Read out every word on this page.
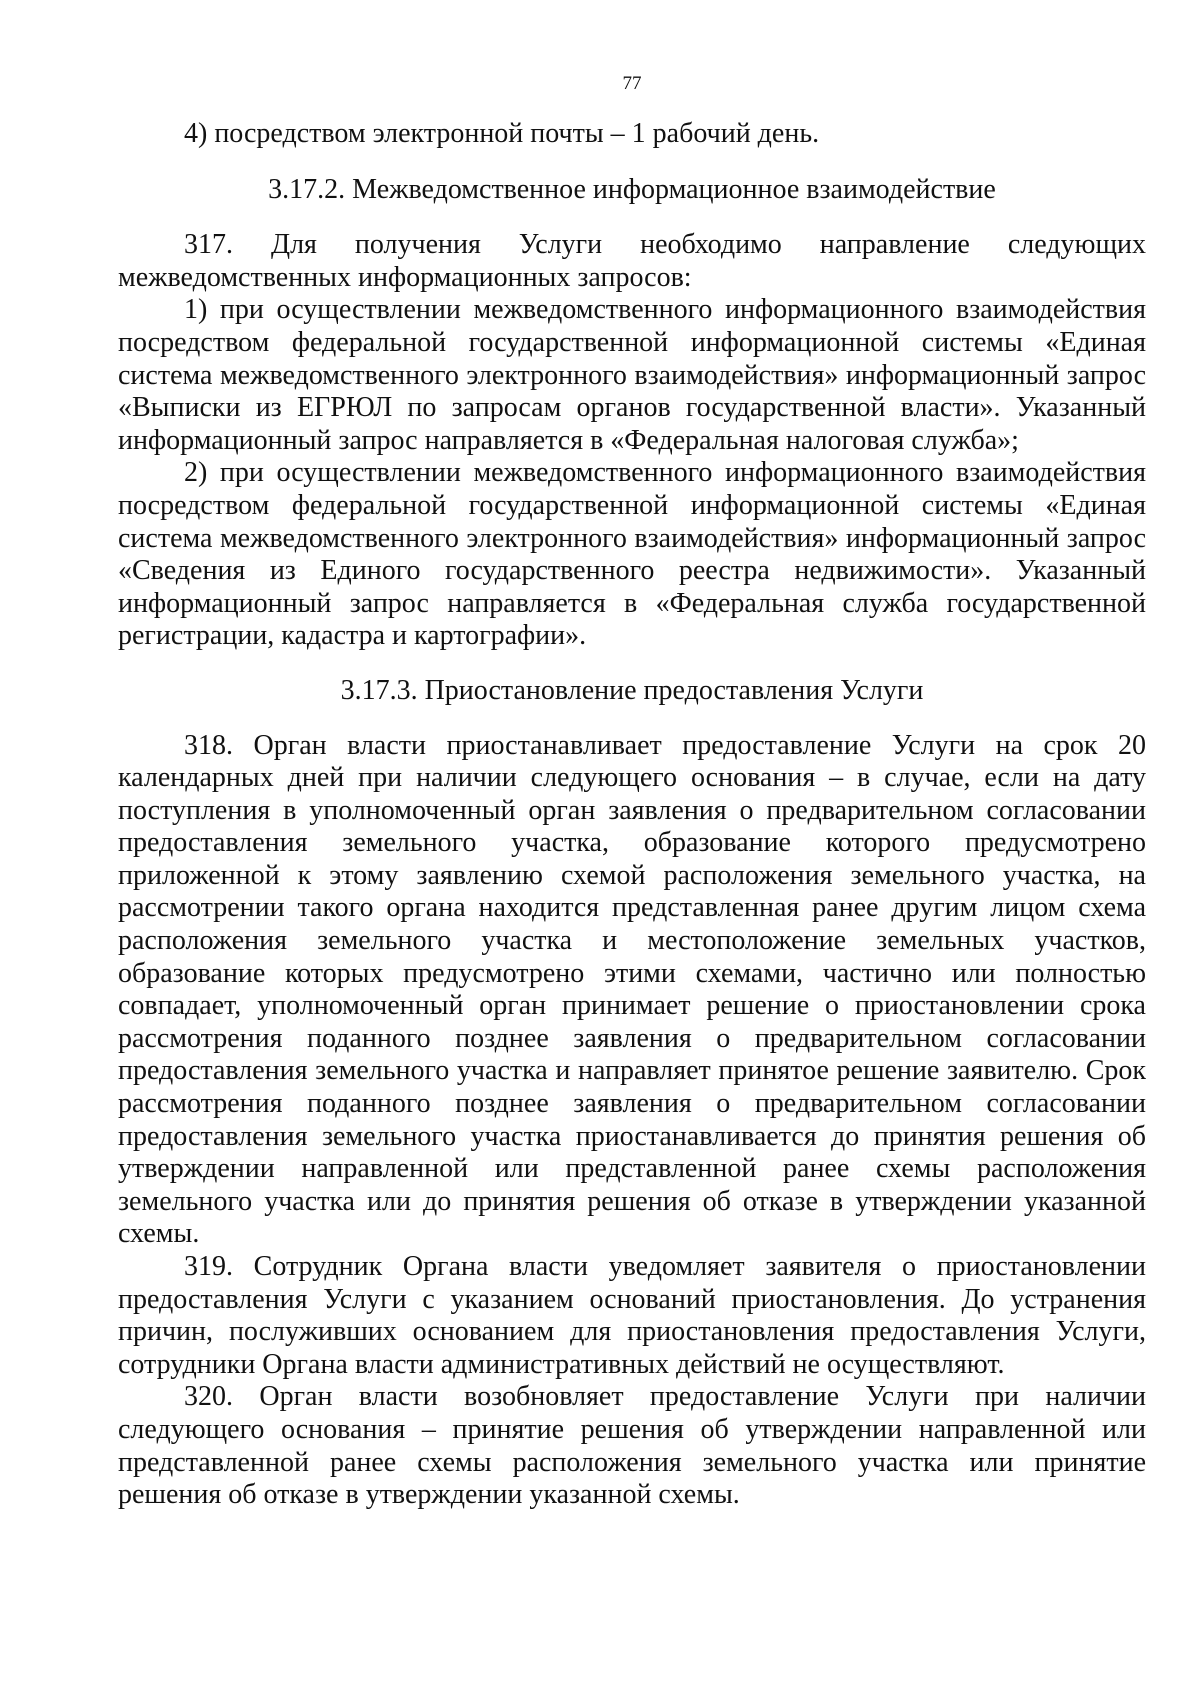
77

4) посредством электронной почты – 1 рабочий день.

3.17.2. Межведомственное информационное взаимодействие

317. Для получения Услуги необходимо направление следующих

межведомственных информационных запросов:

1) при осуществлении межведомственного информационного взаимодействия посредством федеральной государственной информационной системы «Единая система межведомственного электронного взаимодействия» информационный запрос «Выписки из ЕГРЮЛ по запросам органов государственной власти». Указанный информационный запрос направляется в «Федеральная налоговая служба»;

2) при осуществлении межведомственного информационного взаимодействия посредством федеральной государственной информационной системы «Единая система межведомственного электронного взаимодействия» информационный запрос «Сведения из Единого государственного реестра недвижимости». Указанный информационный запрос направляется в «Федеральная служба государственной регистрации, кадастра и картографии».

3.17.3. Приостановление предоставления Услуги

318. Орган власти приостанавливает предоставление Услуги на срок 20 календарных дней при наличии следующего основания – в случае, если на дату поступления в уполномоченный орган заявления о предварительном согласовании предоставления земельного участка, образование которого предусмотрено приложенной к этому заявлению схемой расположения земельного участка, на рассмотрении такого органа находится представленная ранее другим лицом схема расположения земельного участка и местоположение земельных участков, образование которых предусмотрено этими схемами, частично или полностью совпадает, уполномоченный орган принимает решение о приостановлении срока рассмотрения поданного позднее заявления о предварительном согласовании предоставления земельного участка и направляет принятое решение заявителю. Срок рассмотрения поданного позднее заявления о предварительном согласовании предоставления земельного участка приостанавливается до принятия решения об утверждении направленной или представленной ранее схемы расположения земельного участка или до принятия решения об отказе в утверждении указанной схемы.

319. Сотрудник Органа власти уведомляет заявителя о приостановлении предоставления Услуги с указанием оснований приостановления. До устранения причин, послуживших основанием для приостановления предоставления Услуги, сотрудники Органа власти административных действий не осуществляют.

320. Орган власти возобновляет предоставление Услуги при наличии следующего основания – принятие решения об утверждении направленной или представленной ранее схемы расположения земельного участка или принятие решения об отказе в утверждении указанной схемы.
